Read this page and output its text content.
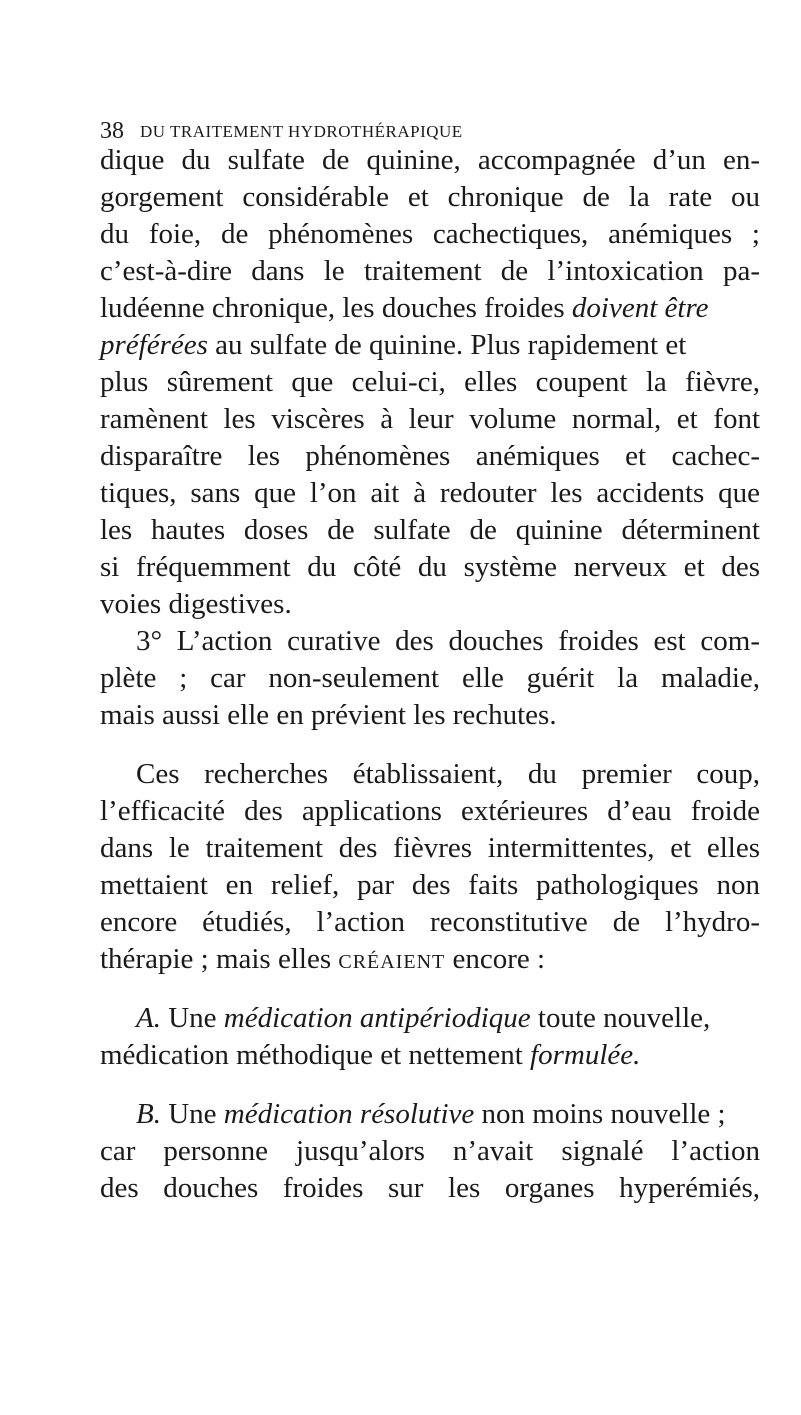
38 DU TRAITEMENT HYDROTHÉRAPIQUE
dique du sulfate de quinine, accompagnée d’un en-
gorgement considérable et chronique de la rate ou
du foie, de phénomènes cachectiques, anémiques ;
c’est-à-dire dans le traitement de l’intoxication pa-
ludéenne chronique, les douches froides doivent être
préférées au sulfate de quinine. Plus rapidement et
plus sûrement que celui-ci, elles coupent la fièvre,
ramènent les viscères à leur volume normal, et font
disparaître les phénomènes anémiques et cachec-
tiques, sans que l’on ait à redouter les accidents que
les hautes doses de sulfate de quinine déterminent
si fréquemment du côté du système nerveux et des
voies digestives.
3° L’action curative des douches froides est com-
plète ; car non-seulement elle guérit la maladie,
mais aussi elle en prévient les rechutes.
Ces recherches établissaient, du premier coup,
l’efficacité des applications extérieures d’eau froide
dans le traitement des fièvres intermittentes, et elles
mettaient en relief, par des faits pathologiques non
encore étudiés, l’action reconstitutive de l’hydro-
thérapie ; mais elles créaient encore :
A. Une médication antipériodique toute nouvelle,
médication méthodique et nettement formulée.
B. Une médication résolutive non moins nouvelle ;
car personne jusqu’alors n’avait signalé l’action
des douches froides sur les organes hyperémiés,
